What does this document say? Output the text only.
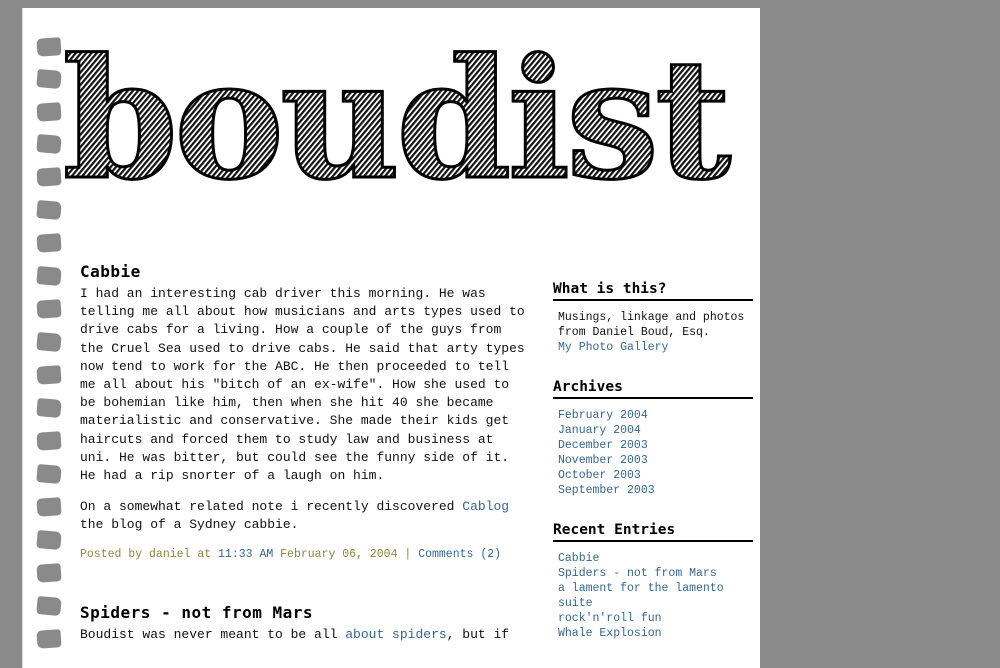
boudist
Cabbie

I had an interesting cab driver this morning. He was telling me all about how musicians and arts types used to drive cabs for a living. How a couple of the guys from the Cruel Sea used to drive cabs. He said that arty types now tend to work for the ABC. He then proceeded to tell me all about his "bitch of an ex-wife". How she used to be bohemian like him, then when she hit 40 she became materialistic and conservative. She made their kids get haircuts and forced them to study law and business at uni. He was bitter, but could see the funny side of it. He had a rip snorter of a laugh on him.

On a somewhat related note i recently discovered Cablog the blog of a Sydney cabbie.

Posted by daniel at 11:33 AM February 06, 2004 | Comments (2)
Spiders - not from Mars

Boudist was never meant to be all about spiders, but if

What is this?
Musings, linkage and photos from Daniel Boud, Esq.
My Photo Gallery
Archives
February 2004
January 2004
December 2003
November 2003
October 2003
September 2003
Recent Entries
Cabbie
Spiders - not from Mars
a lament for the lamento suite
rock'n'roll fun
Whale Explosion
